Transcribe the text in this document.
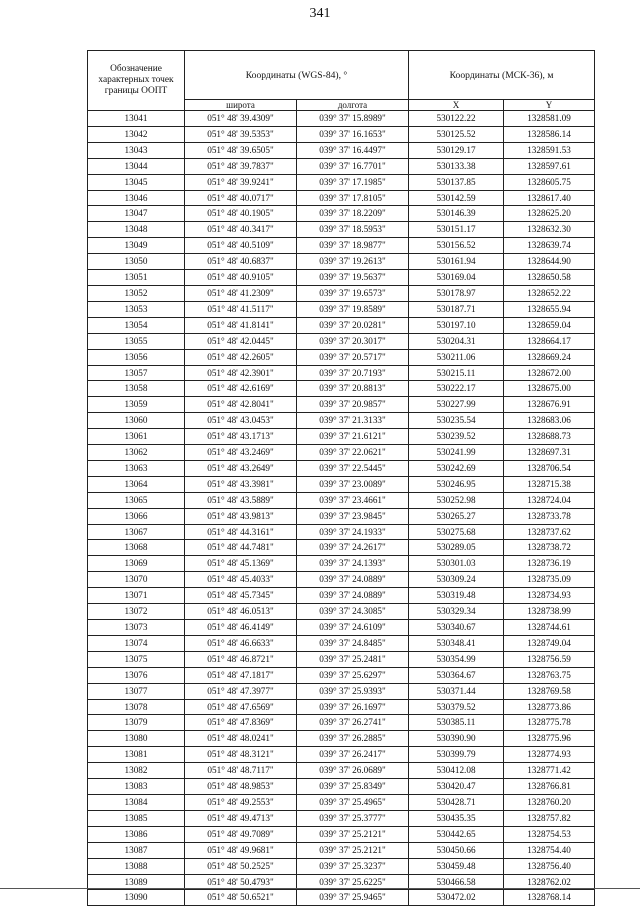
341
Обозначение характерных точек границы ООПТ	Координаты (WGS-84), °		Координаты (МСК-36), м	
	широта	долгота	X	Y
13041	051° 48' 39.4309"	039° 37' 15.8989"	530122.22	1328581.09
13042	051° 48' 39.5353"	039° 37' 16.1653"	530125.52	1328586.14
13043	051° 48' 39.6505"	039° 37' 16.4497"	530129.17	1328591.53
13044	051° 48' 39.7837"	039° 37' 16.7701"	530133.38	1328597.61
13045	051° 48' 39.9241"	039° 37' 17.1985"	530137.85	1328605.75
13046	051° 48' 40.0717"	039° 37' 17.8105"	530142.59	1328617.40
13047	051° 48' 40.1905"	039° 37' 18.2209"	530146.39	1328625.20
13048	051° 48' 40.3417"	039° 37' 18.5953"	530151.17	1328632.30
13049	051° 48' 40.5109"	039° 37' 18.9877"	530156.52	1328639.74
13050	051° 48' 40.6837"	039° 37' 19.2613"	530161.94	1328644.90
13051	051° 48' 40.9105"	039° 37' 19.5637"	530169.04	1328650.58
13052	051° 48' 41.2309"	039° 37' 19.6573"	530178.97	1328652.22
13053	051° 48' 41.5117"	039° 37' 19.8589"	530187.71	1328655.94
13054	051° 48' 41.8141"	039° 37' 20.0281"	530197.10	1328659.04
13055	051° 48' 42.0445"	039° 37' 20.3017"	530204.31	1328664.17
13056	051° 48' 42.2605"	039° 37' 20.5717"	530211.06	1328669.24
13057	051° 48' 42.3901"	039° 37' 20.7193"	530215.11	1328672.00
13058	051° 48' 42.6169"	039° 37' 20.8813"	530222.17	1328675.00
13059	051° 48' 42.8041"	039° 37' 20.9857"	530227.99	1328676.91
13060	051° 48' 43.0453"	039° 37' 21.3133"	530235.54	1328683.06
13061	051° 48' 43.1713"	039° 37' 21.6121"	530239.52	1328688.73
13062	051° 48' 43.2469"	039° 37' 22.0621"	530241.99	1328697.31
13063	051° 48' 43.2649"	039° 37' 22.5445"	530242.69	1328706.54
13064	051° 48' 43.3981"	039° 37' 23.0089"	530246.95	1328715.38
13065	051° 48' 43.5889"	039° 37' 23.4661"	530252.98	1328724.04
13066	051° 48' 43.9813"	039° 37' 23.9845"	530265.27	1328733.78
13067	051° 48' 44.3161"	039° 37' 24.1933"	530275.68	1328737.62
13068	051° 48' 44.7481"	039° 37' 24.2617"	530289.05	1328738.72
13069	051° 48' 45.1369"	039° 37' 24.1393"	530301.03	1328736.19
13070	051° 48' 45.4033"	039° 37' 24.0889"	530309.24	1328735.09
13071	051° 48' 45.7345"	039° 37' 24.0889"	530319.48	1328734.93
13072	051° 48' 46.0513"	039° 37' 24.3085"	530329.34	1328738.99
13073	051° 48' 46.4149"	039° 37' 24.6109"	530340.67	1328744.61
13074	051° 48' 46.6633"	039° 37' 24.8485"	530348.41	1328749.04
13075	051° 48' 46.8721"	039° 37' 25.2481"	530354.99	1328756.59
13076	051° 48' 47.1817"	039° 37' 25.6297"	530364.67	1328763.75
13077	051° 48' 47.3977"	039° 37' 25.9393"	530371.44	1328769.58
13078	051° 48' 47.6569"	039° 37' 26.1697"	530379.52	1328773.86
13079	051° 48' 47.8369"	039° 37' 26.2741"	530385.11	1328775.78
13080	051° 48' 48.0241"	039° 37' 26.2885"	530390.90	1328775.96
13081	051° 48' 48.3121"	039° 37' 26.2417"	530399.79	1328774.93
13082	051° 48' 48.7117"	039° 37' 26.0689"	530412.08	1328771.42
13083	051° 48' 48.9853"	039° 37' 25.8349"	530420.47	1328766.81
13084	051° 48' 49.2553"	039° 37' 25.4965"	530428.71	1328760.20
13085	051° 48' 49.4713"	039° 37' 25.3777"	530435.35	1328757.82
13086	051° 48' 49.7089"	039° 37' 25.2121"	530442.65	1328754.53
13087	051° 48' 49.9681"	039° 37' 25.2121"	530450.66	1328754.40
13088	051° 48' 50.2525"	039° 37' 25.3237"	530459.48	1328756.40
13089	051° 48' 50.4793"	039° 37' 25.6225"	530466.58	1328762.02
13090	051° 48' 50.6521"	039° 37' 25.9465"	530472.02	1328768.14
